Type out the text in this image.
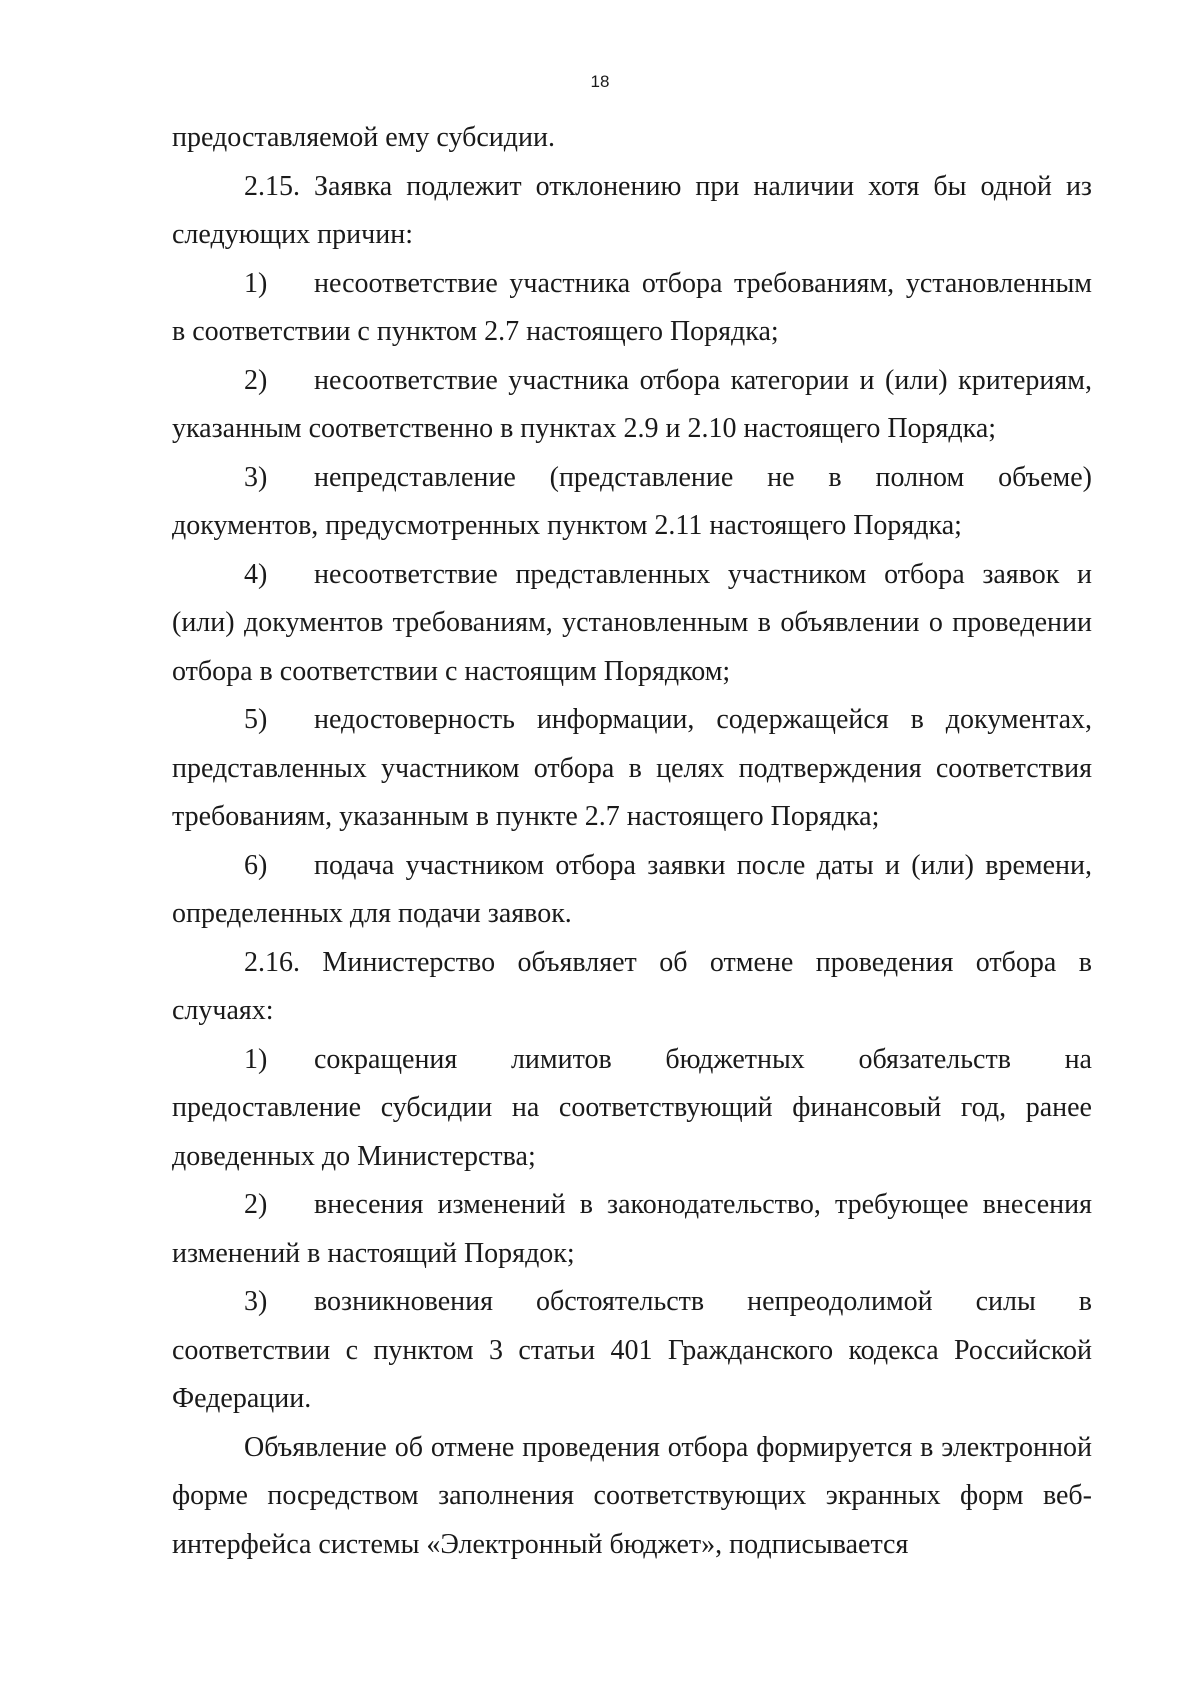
18

предоставляемой ему субсидии.

2.15. Заявка подлежит отклонению при наличии хотя бы одной из следующих причин:

1) несоответствие участника отбора требованиям, установленным в соответствии с пунктом 2.7 настоящего Порядка;

2) несоответствие участника отбора категории и (или) критериям, указанным соответственно в пунктах 2.9 и 2.10 настоящего Порядка;

3) непредставление (представление не в полном объеме) документов, предусмотренных пунктом 2.11 настоящего Порядка;

4) несоответствие представленных участником отбора заявок и (или) документов требованиям, установленным в объявлении о проведении отбора в соответствии с настоящим Порядком;

5) недостоверность информации, содержащейся в документах, представленных участником отбора в целях подтверждения соответствия требованиям, указанным в пункте 2.7 настоящего Порядка;

6) подача участником отбора заявки после даты и (или) времени, определенных для подачи заявок.

2.16. Министерство объявляет об отмене проведения отбора в случаях:

1) сокращения лимитов бюджетных обязательств на предоставление субсидии на соответствующий финансовый год, ранее доведенных до Министерства;

2) внесения изменений в законодательство, требующее внесения изменений в настоящий Порядок;

3) возникновения обстоятельств непреодолимой силы в соответствии с пунктом 3 статьи 401 Гражданского кодекса Российской Федерации.

Объявление об отмене проведения отбора формируется в электронной форме посредством заполнения соответствующих экранных форм веб-интерфейса системы «Электронный бюджет», подписывается
